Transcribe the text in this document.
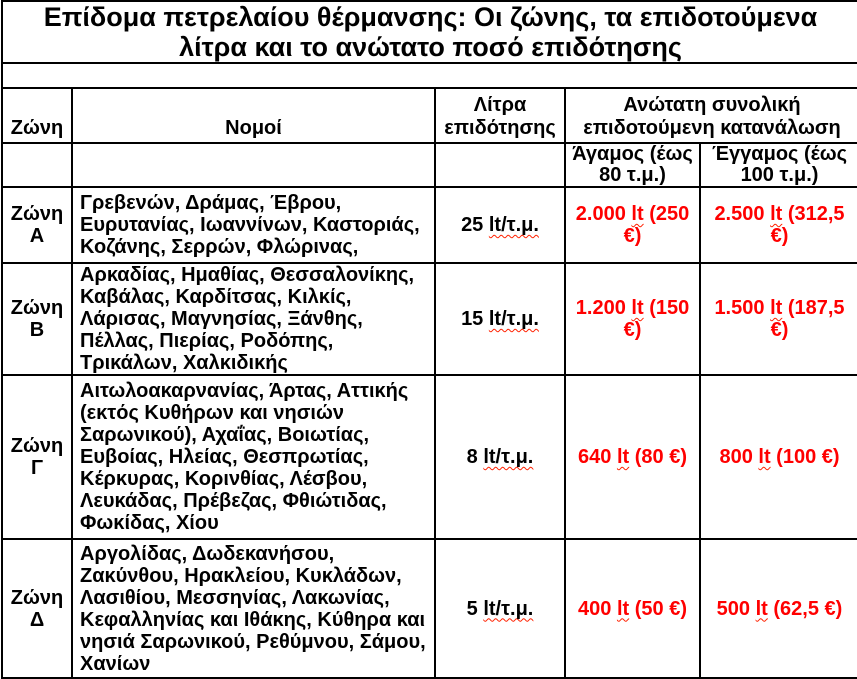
Επίδομα πετρελαίου θέρμανσης: Οι ζώνης, τα επιδοτούμενα
λίτρα και το ανώτατο ποσό επιδότησης				

Ζώνη	Νομοί	Λίτρα επιδότησης	Ανώτατη συνολική επιδοτούμενη κατανάλωση	
			Άγαμος (έως 80 τ.μ.)	Έγγαμος (έως 100 τ.μ.)
Ζώνη Α	Γρεβενών, Δράμας, Έβρου, Ευρυτανίας, Ιωαννίνων, Καστοριάς, Κοζάνης, Σερρών, Φλώρινας,	25 lt/τ.μ.	2.000 lt (250 €)	2.500 lt (312,5 €)
Ζώνη Β	Αρκαδίας, Ημαθίας, Θεσσαλονίκης, Καβάλας, Καρδίτσας, Κιλκίς, Λάρισας, Μαγνησίας, Ξάνθης, Πέλλας, Πιερίας, Ροδόπης, Τρικάλων, Χαλκιδικής	15 lt/τ.μ.	1.200 lt (150 €)	1.500 lt (187,5 €)
Ζώνη Γ	Αιτωλοακαρνανίας, Άρτας, Αττικής (εκτός Κυθήρων και νησιών Σαρωνικού), Αχαΐας, Βοιωτίας, Ευβοίας, Ηλείας, Θεσπρωτίας, Κέρκυρας, Κορινθίας, Λέσβου, Λευκάδας, Πρέβεζας, Φθιώτιδας, Φωκίδας, Χίου	8 lt/τ.μ.	640 lt (80 €)	800 lt (100 €)
Ζώνη Δ	Αργολίδας, Δωδεκανήσου, Ζακύνθου, Ηρακλείου, Κυκλάδων, Λασιθίου, Μεσσηνίας, Λακωνίας, Κεφαλληνίας και Ιθάκης, Κύθηρα και νησιά Σαρωνικού, Ρεθύμνου, Σάμου, Χανίων	5 lt/τ.μ.	400 lt (50 €)	500 lt (62,5 €)
